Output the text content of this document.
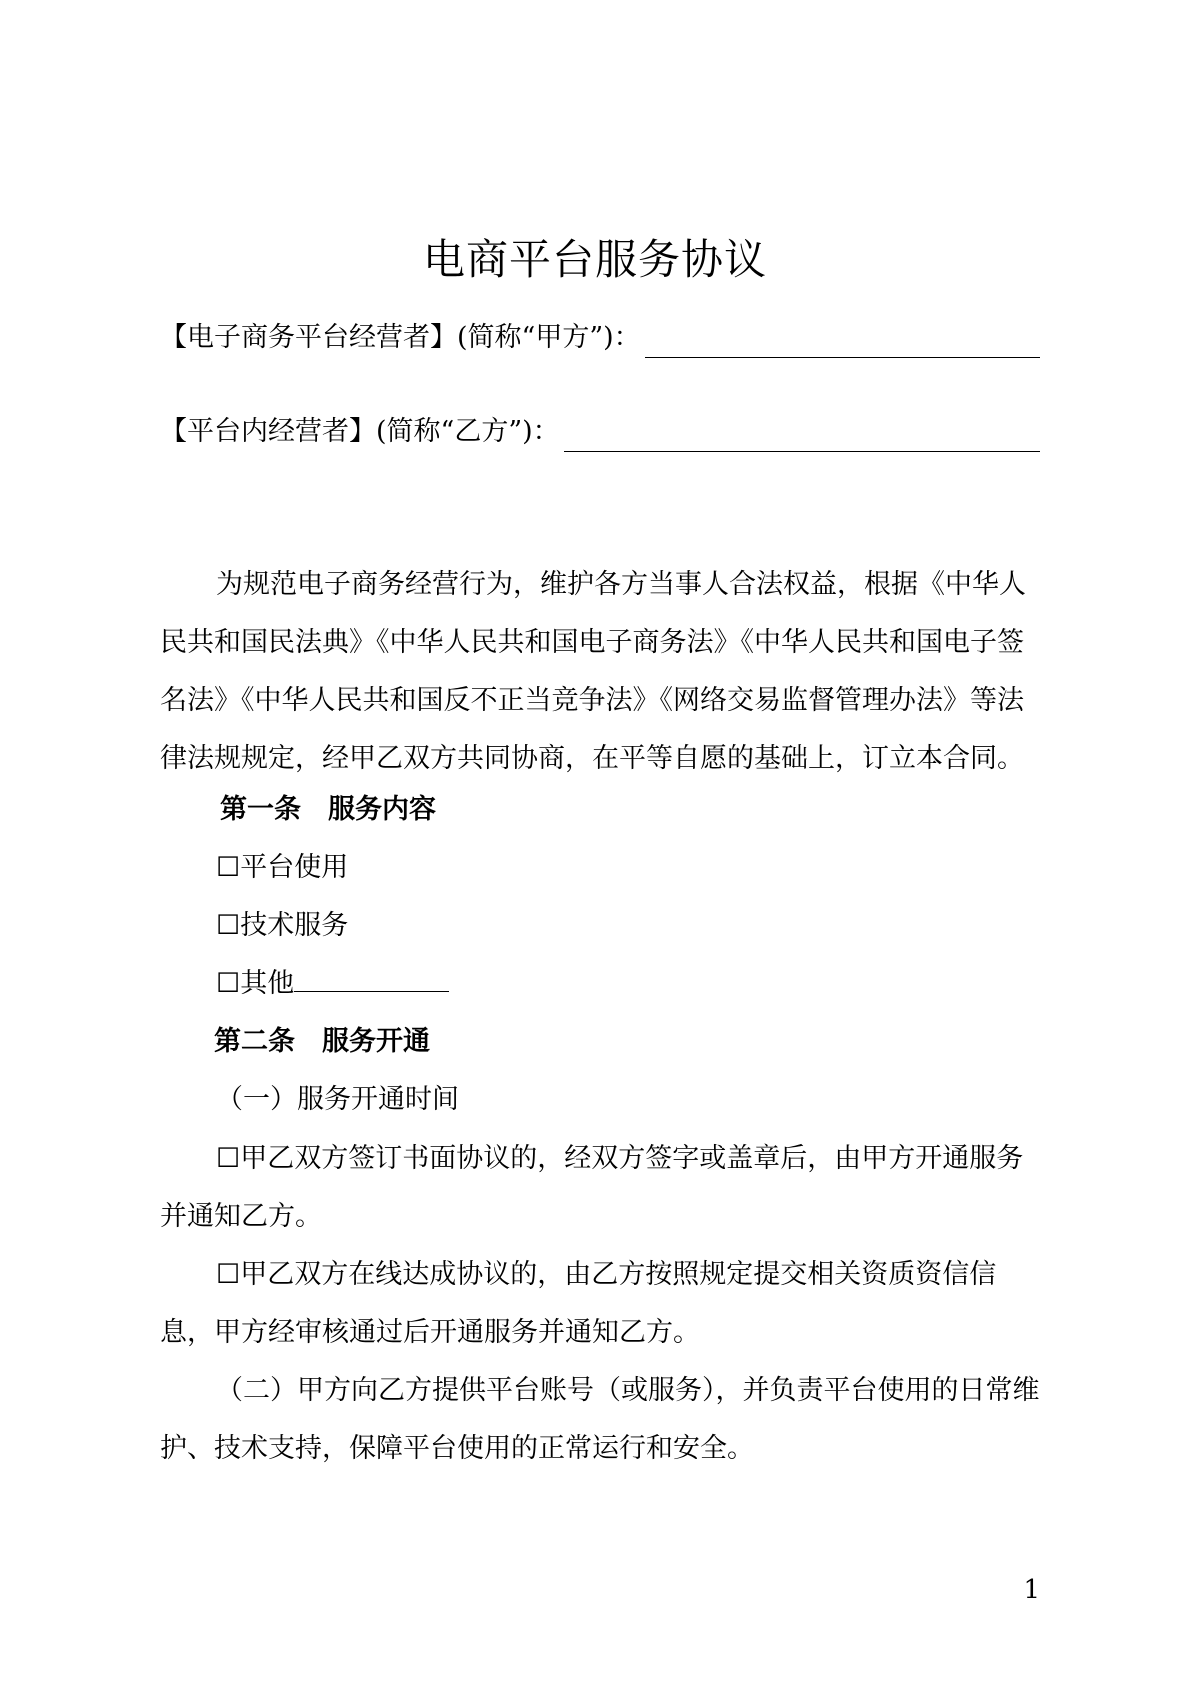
电商平台服务协议
【电子商务平台经营者】(简称“甲方”)：
【平台内经营者】(简称“乙方”)：
为规范电子商务经营行为，维护各方当事人合法权益，根据《中华人民共和国民法典》《中华人民共和国电子商务法》《中华人民共和国电子签名法》《中华人民共和国反不正当竞争法》《网络交易监督管理办法》等法律法规规定，经甲乙双方共同协商，在平等自愿的基础上，订立本合同。
第一条　服务内容
☐平台使用
☐技术服务
☐其他
第二条　服务开通
（一）服务开通时间
☐甲乙双方签订书面协议的，经双方签字或盖章后，由甲方开通服务并通知乙方。
☐甲乙双方在线达成协议的，由乙方按照规定提交相关资质资信信息，甲方经审核通过后开通服务并通知乙方。
（二）甲方向乙方提供平台账号（或服务），并负责平台使用的日常维护、技术支持，保障平台使用的正常运行和安全。
1
